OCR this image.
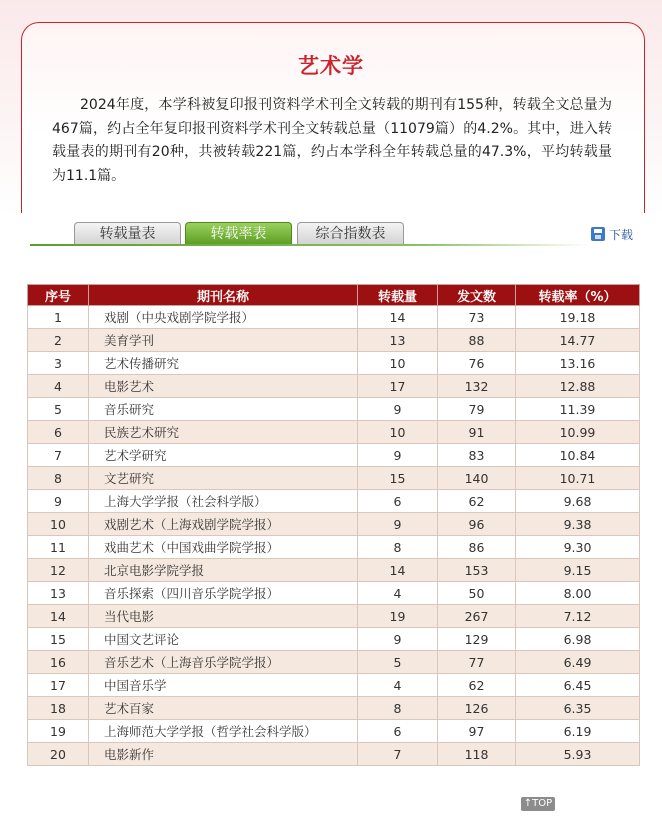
艺术学
2024年度，本学科被复印报刊资料学术刊全文转载的期刊有155种，转载全文总量为467篇，约占全年复印报刊资料学术刊全文转载总量（11079篇）的4.2%。其中，进入转载量表的期刊有20种，共被转载221篇，约占本学科全年转载总量的47.3%，平均转载量为11.1篇。
转载量表	转载率表	综合指数表	下载
序号	期刊名称	转载量	发文数	转载率（%）
1	戏剧（中央戏剧学院学报）	14	73	19.18
2	美育学刊	13	88	14.77
3	艺术传播研究	10	76	13.16
4	电影艺术	17	132	12.88
5	音乐研究	9	79	11.39
6	民族艺术研究	10	91	10.99
7	艺术学研究	9	83	10.84
8	文艺研究	15	140	10.71
9	上海大学学报（社会科学版）	6	62	9.68
10	戏剧艺术（上海戏剧学院学报）	9	96	9.38
11	戏曲艺术（中国戏曲学院学报）	8	86	9.30
12	北京电影学院学报	14	153	9.15
13	音乐探索（四川音乐学院学报）	4	50	8.00
14	当代电影	19	267	7.12
15	中国文艺评论	9	129	6.98
16	音乐艺术（上海音乐学院学报）	5	77	6.49
17	中国音乐学	4	62	6.45
18	艺术百家	8	126	6.35
19	上海师范大学学报（哲学社会科学版）	6	97	6.19
20	电影新作	7	118	5.93
↑TOP
